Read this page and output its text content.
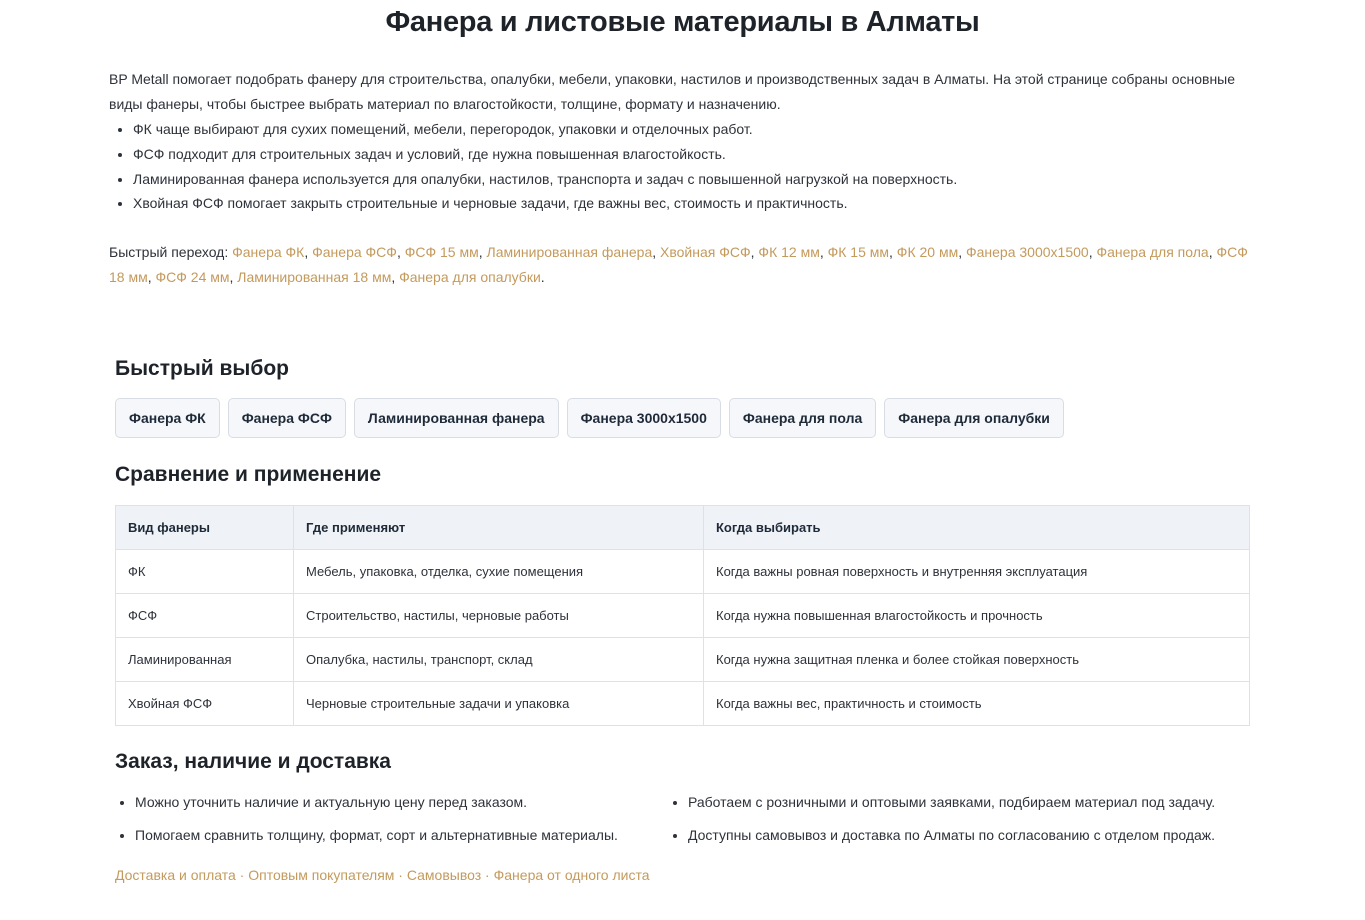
Фанера и листовые материалы в Алматы

BP Metall помогает подобрать фанеру для строительства, опалубки, мебели, упаковки, настилов и производственных задач в Алматы. На этой странице собраны основные виды фанеры, чтобы быстрее выбрать материал по влагостойкости, толщине, формату и назначению.

• ФК чаще выбирают для сухих помещений, мебели, перегородок, упаковки и отделочных работ.
• ФСФ подходит для строительных задач и условий, где нужна повышенная влагостойкость.
• Ламинированная фанера используется для опалубки, настилов, транспорта и задач с повышенной нагрузкой на поверхность.
• Хвойная ФСФ помогает закрыть строительные и черновые задачи, где важны вес, стоимость и практичность.
Быстрый переход: Фанера ФК, Фанера ФСФ, ФСФ 15 мм, Ламинированная фанера, Хвойная ФСФ, ФК 12 мм, ФК 15 мм, ФК 20 мм, Фанера 3000х1500, Фанера для пола, ФСФ 18 мм, ФСФ 24 мм, Ламинированная 18 мм, Фанера для опалубки.
Быстрый выбор
Фанера ФК	Фанера ФСФ	Ламинированная фанера	Фанера 3000х1500	Фанера для пола	Фанера для опалубки
Сравнение и применение
Вид фанеры	Где применяют	Когда выбирать
ФК	Мебель, упаковка, отделка, сухие помещения	Когда важны ровная поверхность и внутренняя эксплуатация
ФСФ	Строительство, настилы, черновые работы	Когда нужна повышенная влагостойкость и прочность
Ламинированная	Опалубка, настилы, транспорт, склад	Когда нужна защитная пленка и более стойкая поверхность
Хвойная ФСФ	Черновые строительные задачи и упаковка	Когда важны вес, практичность и стоимость
Заказ, наличие и доставка
• Можно уточнить наличие и актуальную цену перед заказом.
• Помогаем сравнить толщину, формат, сорт и альтернативные материалы.
• Работаем с розничными и оптовыми заявками, подбираем материал под задачу.
• Доступны самовывоз и доставка по Алматы по согласованию с отделом продаж.
Доставка и оплата · Оптовым покупателям · Самовывоз · Фанера от одного листа
